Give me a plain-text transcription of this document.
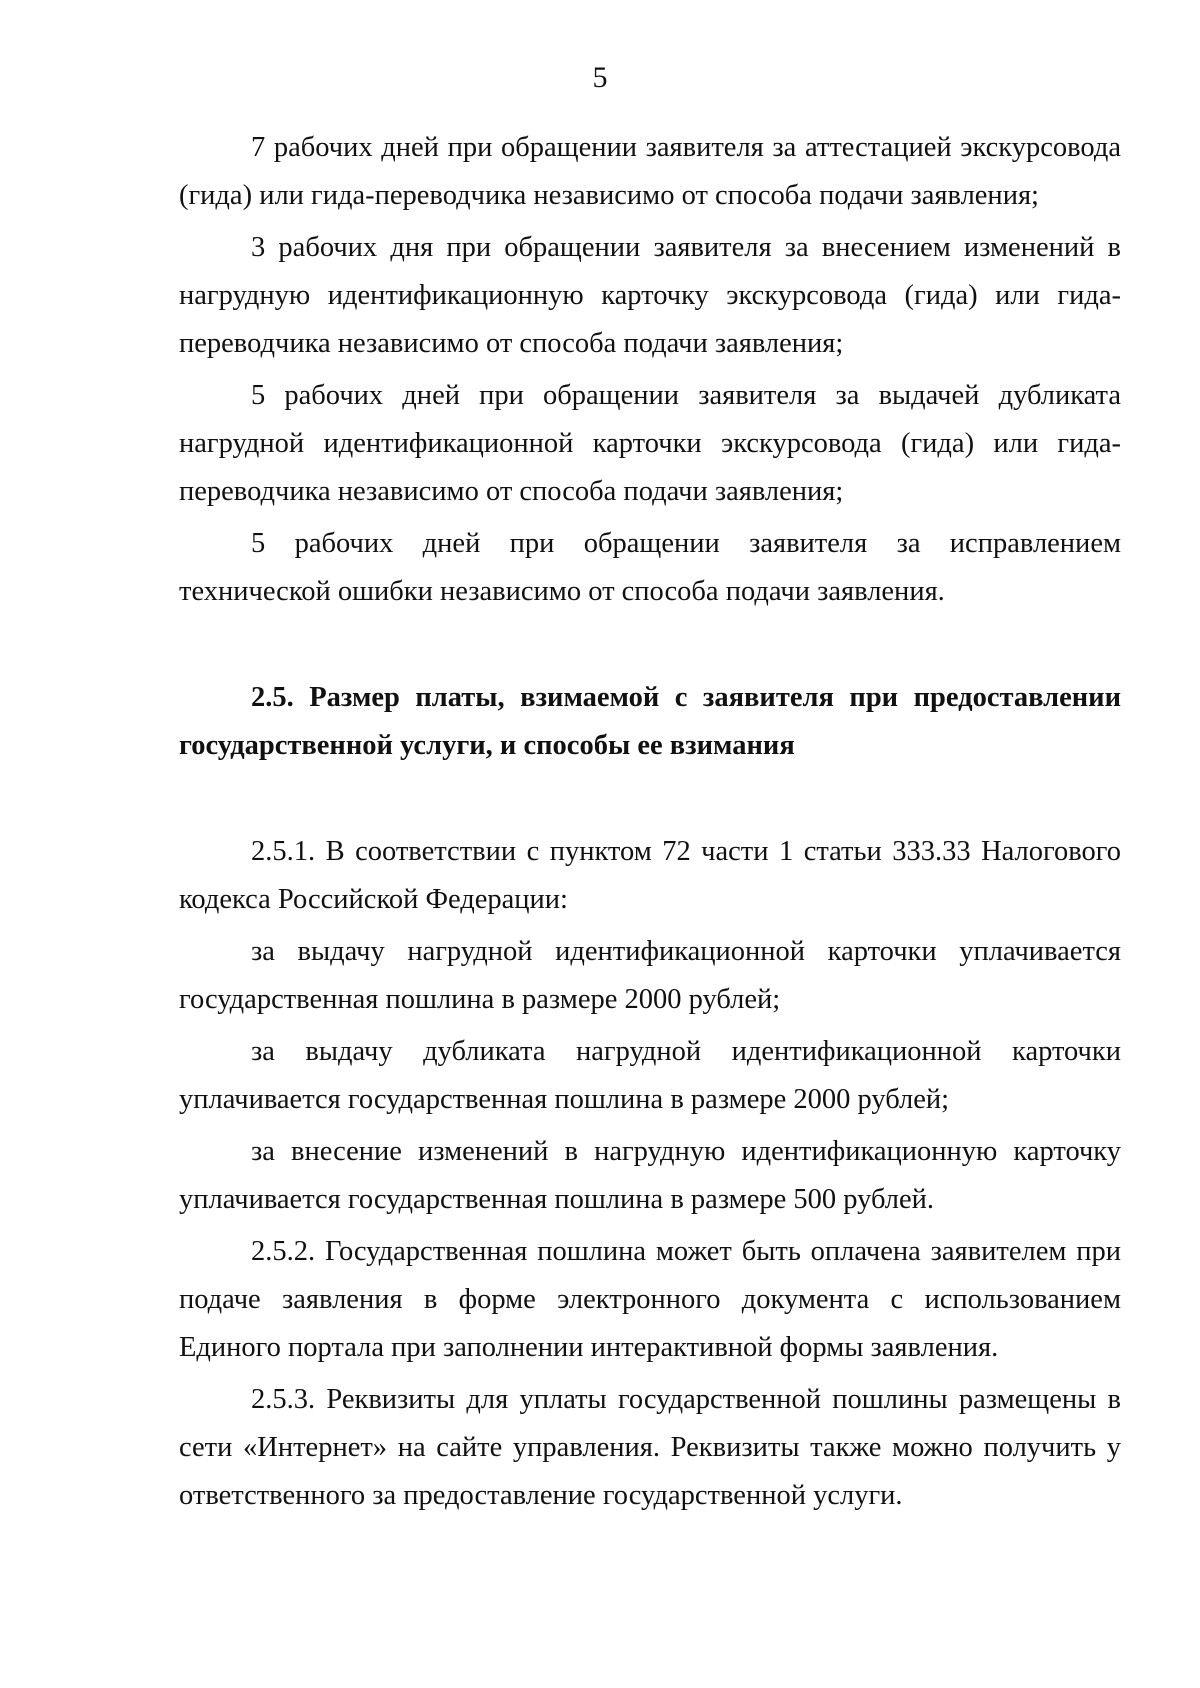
5

7 рабочих дней при обращении заявителя за аттестацией экскурсовода (гида) или гида-переводчика независимо от способа подачи заявления;

3 рабочих дня при обращении заявителя за внесением изменений в нагрудную идентификационную карточку экскурсовода (гида) или гида-переводчика независимо от способа подачи заявления;

5 рабочих дней при обращении заявителя за выдачей дубликата нагрудной идентификационной карточки экскурсовода (гида) или гида-переводчика независимо от способа подачи заявления;

5 рабочих дней при обращении заявителя за исправлением технической ошибки независимо от способа подачи заявления.

2.5. Размер платы, взимаемой с заявителя при предоставлении государственной услуги, и способы ее взимания

2.5.1. В соответствии с пунктом 72 части 1 статьи 333.33 Налогового кодекса Российской Федерации:

за выдачу нагрудной идентификационной карточки уплачивается государственная пошлина в размере 2000 рублей;

за выдачу дубликата нагрудной идентификационной карточки уплачивается государственная пошлина в размере 2000 рублей;

за внесение изменений в нагрудную идентификационную карточку уплачивается государственная пошлина в размере 500 рублей.

2.5.2. Государственная пошлина может быть оплачена заявителем при подаче заявления в форме электронного документа с использованием Единого портала при заполнении интерактивной формы заявления.

2.5.3. Реквизиты для уплаты государственной пошлины размещены в сети «Интернет» на сайте управления. Реквизиты также можно получить у ответственного за предоставление государственной услуги.
